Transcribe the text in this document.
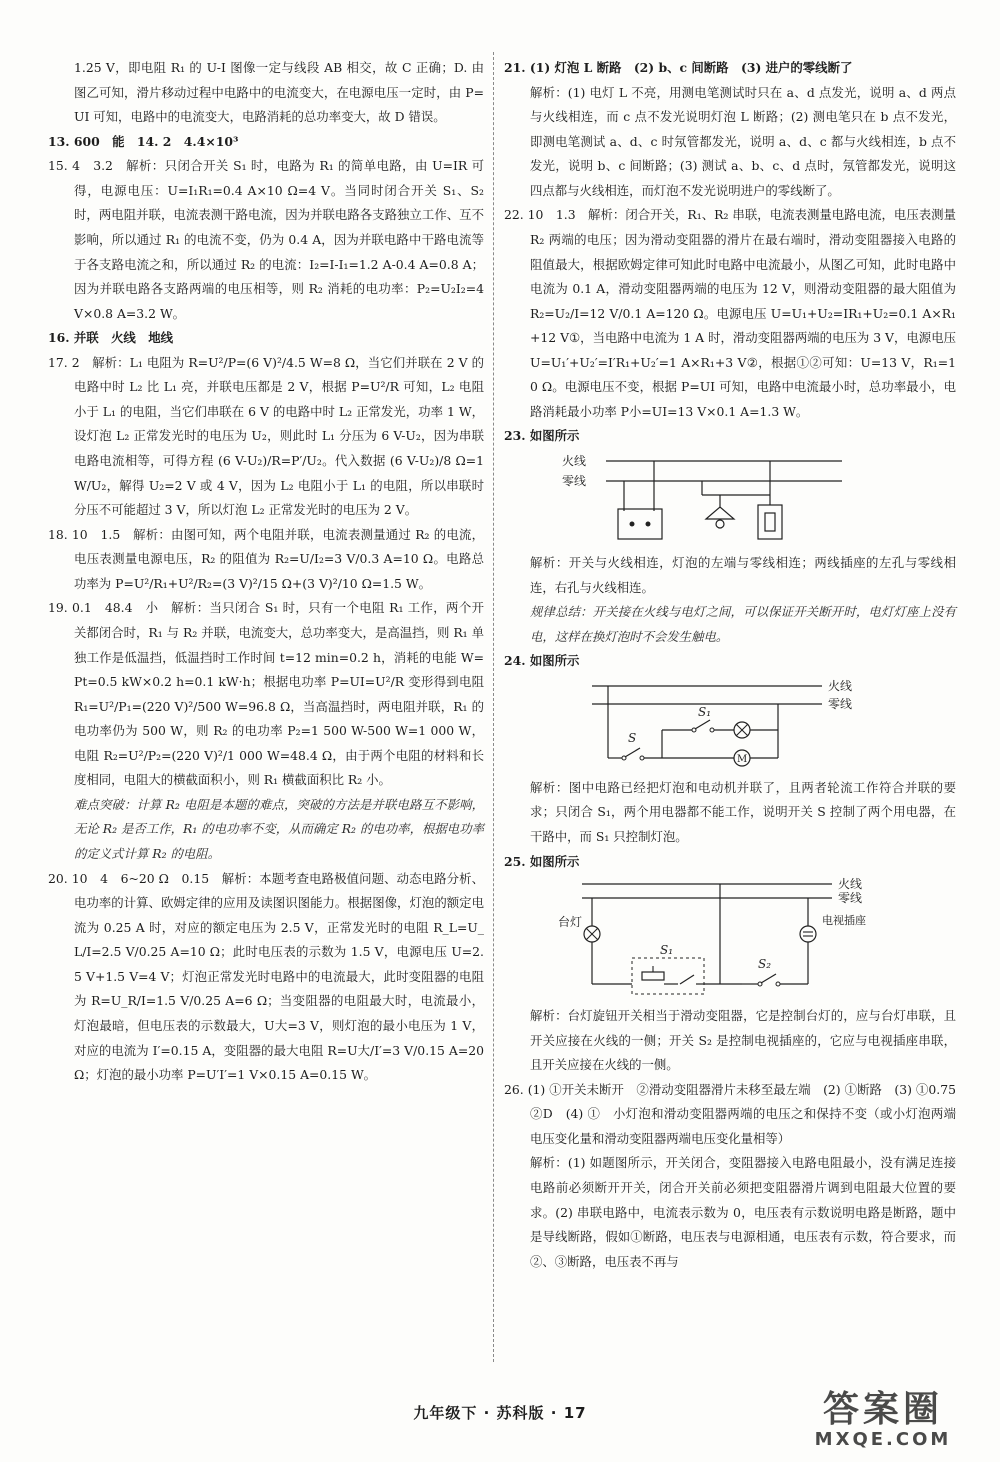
1.25 V，即电阻 R₁ 的 U-I 图像一定与线段 AB 相交，故 C 正确；D. 由图乙可知，滑片移动过程中电路中的电流变大，在电源电压一定时，由 P=UI 可知，电路中的电流变大，电路消耗的总功率变大，故 D 错误。

13. 600　能　14. 2　4.4×10³

15. 4　3.2　解析：只闭合开关 S₁ 时，电路为 R₁ 的简单电路，由 U=IR 可得，电源电压：U=I₁R₁=0.4 A×10 Ω=4 V。当同时闭合开关 S₁、S₂ 时，两电阻并联，电流表测干路电流，因为并联电路各支路独立工作、互不影响，所以通过 R₁ 的电流不变，仍为 0.4 A，因为并联电路中干路电流等于各支路电流之和，所以通过 R₂ 的电流：I₂=I-I₁=1.2 A-0.4 A=0.8 A；因为并联电路各支路两端的电压相等，则 R₂ 消耗的电功率：P₂=U₂I₂=4 V×0.8 A=3.2 W。

16. 并联　火线　地线

17. 2　解析：L₁ 电阻为 R=U²/P=(6 V)²/4.5 W=8 Ω，当它们并联在 2 V 的电路中时 L₂ 比 L₁ 亮，并联电压都是 2 V，根据 P=U²/R 可知，L₂ 电阻小于 L₁ 的电阻，当它们串联在 6 V 的电路中时 L₂ 正常发光，功率 1 W，设灯泡 L₂ 正常发光时的电压为 U₂，则此时 L₁ 分压为 6 V-U₂，因为串联电路电流相等，可得方程 (6 V-U₂)/R=P′/U₂。代入数据 (6 V-U₂)/8 Ω=1 W/U₂，解得 U₂=2 V 或 4 V，因为 L₂ 电阻小于 L₁ 的电阻，所以串联时分压不可能超过 3 V，所以灯泡 L₂ 正常发光时的电压为 2 V。

18. 10　1.5　解析：由图可知，两个电阻并联，电流表测量通过 R₂ 的电流，电压表测量电源电压，R₂ 的阻值为 R₂=U/I₂=3 V/0.3 A=10 Ω。电路总功率为 P=U²/R₁+U²/R₂=(3 V)²/15 Ω+(3 V)²/10 Ω=1.5 W。

19. 0.1　48.4　小　解析：当只闭合 S₁ 时，只有一个电阻 R₁ 工作，两个开关都闭合时，R₁ 与 R₂ 并联，电流变大，总功率变大，是高温挡，则 R₁ 单独工作是低温挡，低温挡时工作时间 t=12 min=0.2 h，消耗的电能 W=Pt=0.5 kW×0.2 h=0.1 kW·h；根据电功率 P=UI=U²/R 变形得到电阻 R₁=U²/P₁=(220 V)²/500 W=96.8 Ω，当高温挡时，两电阻并联，R₁ 的电功率仍为 500 W，则 R₂ 的电功率 P₂=1 500 W-500 W=1 000 W，电阻 R₂=U²/P₂=(220 V)²/1 000 W=48.4 Ω，由于两个电阻的材料和长度相同，电阻大的横截面积小，则 R₁ 横截面积比 R₂ 小。

难点突破：计算 R₂ 电阻是本题的难点，突破的方法是并联电路互不影响，无论 R₂ 是否工作，R₁ 的电功率不变，从而确定 R₂ 的电功率，根据电功率的定义式计算 R₂ 的电阻。

20. 10　4　6~20 Ω　0.15　解析：本题考查电路极值问题、动态电路分析、电功率的计算、欧姆定律的应用及读图识图能力。根据图像，灯泡的额定电流为 0.25 A 时，对应的额定电压为 2.5 V，正常发光时的电阻 R_L=U_L/I=2.5 V/0.25 A=10 Ω；此时电压表的示数为 1.5 V，电源电压 U=2.5 V+1.5 V=4 V；灯泡正常发光时电路中的电流最大，此时变阻器的电阻为 R=U_R/I=1.5 V/0.25 A=6 Ω；当变阻器的电阻最大时，电流最小，灯泡最暗，但电压表的示数最大，U大=3 V，则灯泡的最小电压为 1 V，对应的电流为 I′=0.15 A，变阻器的最大电阻 R=U大/I′=3 V/0.15 A=20 Ω；灯泡的最小功率 P=U′I′=1 V×0.15 A=0.15 W。

21. (1) 灯泡 L 断路　(2) b、c 间断路　(3) 进户的零线断了

解析：(1) 电灯 L 不亮，用测电笔测试时只在 a、d 点发光，说明 a、d 两点与火线相连，而 c 点不发光说明灯泡 L 断路；(2) 测电笔只在 b 点不发光，即测电笔测试 a、d、c 时氖管都发光，说明 a、d、c 都与火线相连，b 点不发光，说明 b、c 间断路；(3) 测试 a、b、c、d 点时，氖管都发光，说明这四点都与火线相连，而灯泡不发光说明进户的零线断了。

22. 10　1.3　解析：闭合开关，R₁、R₂ 串联，电流表测量电路电流，电压表测量 R₂ 两端的电压；因为滑动变阻器的滑片在最右端时，滑动变阻器接入电路的阻值最大，根据欧姆定律可知此时电路中电流最小，从图乙可知，此时电路中电流为 0.1 A，滑动变阻器两端的电压为 12 V，则滑动变阻器的最大阻值为 R₂=U₂/I=12 V/0.1 A=120 Ω。电源电压 U=U₁+U₂=IR₁+U₂=0.1 A×R₁+12 V①，当电路中电流为 1 A 时，滑动变阻器两端的电压为 3 V，电源电压 U=U₁′+U₂′=I′R₁+U₂′=1 A×R₁+3 V②，根据①②可知：U=13 V，R₁=10 Ω。电源电压不变，根据 P=UI 可知，电路中电流最小时，总功率最小，电路消耗最小功率 P小=UI=13 V×0.1 A=1.3 W。

23. 如图所示

火线
零线

解析：开关与火线相连，灯泡的左端与零线相连；两线插座的左孔与零线相连，右孔与火线相连。

规律总结：开关接在火线与电灯之间，可以保证开关断开时，电灯灯座上没有电，这样在换灯泡时不会发生触电。

24. 如图所示

火线
零线
S
S₁
M

解析：图中电路已经把灯泡和电动机并联了，且两者轮流工作符合并联的要求；只闭合 S₁，两个用电器都不能工作，说明开关 S 控制了两个用电器，在干路中，而 S₁ 只控制灯泡。

25. 如图所示

火线
零线
台灯
S₁
S₂
电视插座

解析：台灯旋钮开关相当于滑动变阻器，它是控制台灯的，应与台灯串联，且开关应接在火线的一侧；开关 S₂ 是控制电视插座的，它应与电视插座串联，且开关应接在火线的一侧。

26. (1) ①开关未断开　②滑动变阻器滑片未移至最左端　(2) ①断路　(3) ①0.75　②D　(4) ①　小灯泡和滑动变阻器两端的电压之和保持不变（或小灯泡两端电压变化量和滑动变阻器两端电压变化量相等）

解析：(1) 如题图所示，开关闭合，变阻器接入电路电阻最小，没有满足连接电路前必须断开开关，闭合开关前必须把变阻器滑片调到电阻最大位置的要求。(2) 串联电路中，电流表示数为 0，电压表有示数说明电路是断路，题中是导线断路，假如①断路，电压表与电源相通，电压表有示数，符合要求，而②、③断路，电压表不再与

九年级下 · 苏科版 · 17	答案圈
MXQE.COM
